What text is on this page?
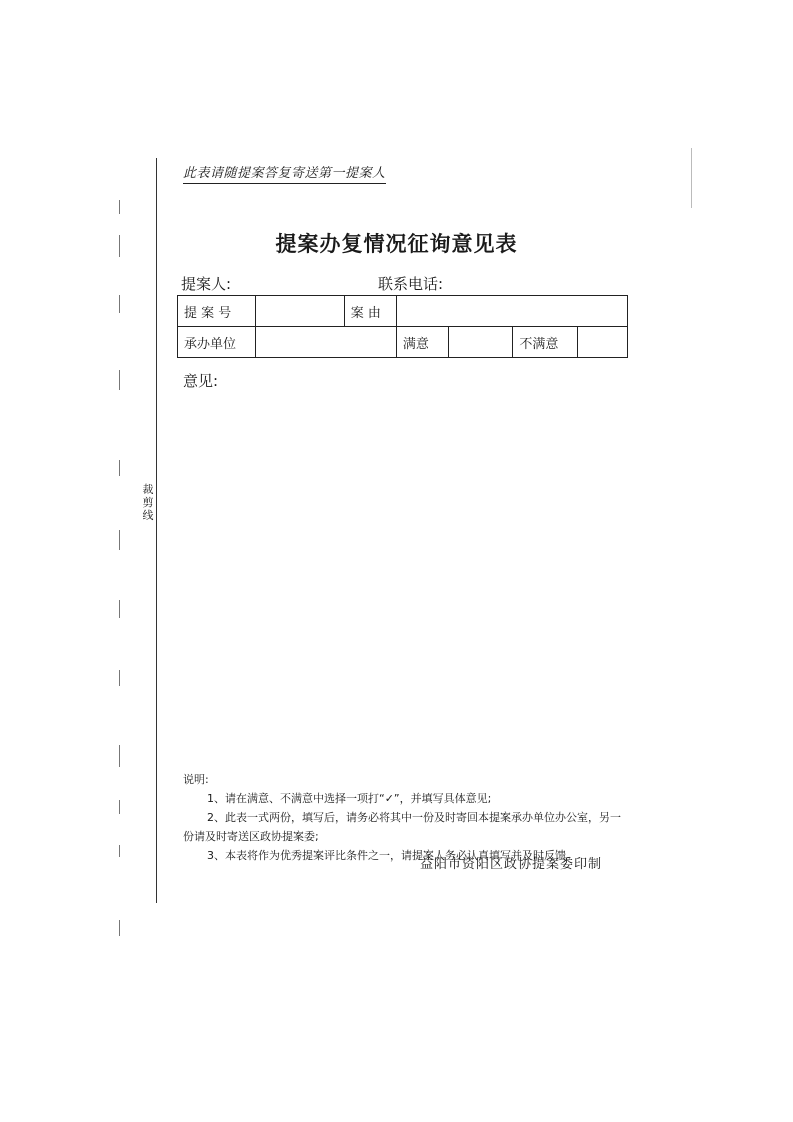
裁剪线
此表请随提案答复寄送第一提案人
提案办复情况征询意见表
提案人:	联系电话:
提 案 号		案 由				
承办单位			满意		不满意	
意见:
说明:
1、请在满意、不满意中选择一项打“✓”，并填写具体意见;
2、此表一式两份，填写后，请务必将其中一份及时寄回本提案承办单位办公室，另一份请及时寄送区政协提案委;
3、本表将作为优秀提案评比条件之一，请提案人务必认真填写并及时反馈。
益阳市资阳区政协提案委印制
